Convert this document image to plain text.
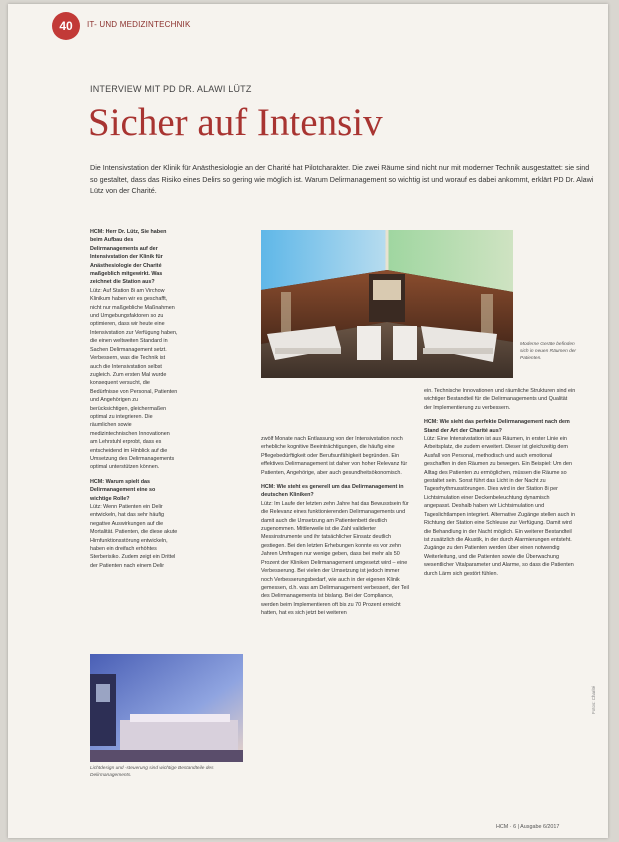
40	IT- UND MEDIZINTECHNIK
INTERVIEW MIT PD DR. ALAWI LÜTZ
Sicher auf Intensiv

Die Intensivstation der Klinik für Anästhesiologie an der Charité hat Pilotcharakter. Die zwei Räume sind nicht nur mit moderner Technik ausgestattet: sie sind so gestaltet, dass das Risiko eines Delirs so gering wie möglich ist. Warum Delirmanagement so wichtig ist und worauf es dabei ankommt, erklärt PD Dr. Alawi Lütz von der Charité.

HCM: Herr Dr. Lütz, Sie haben beim Aufbau des Delirmanagements auf der Intensivstation der Klinik für Anästhesiologie der Charité maßgeblich mitgewirkt. Was zeichnet die Station aus?

Lütz: Auf Station 8i am Virchow Klinikum haben wir es geschafft, nicht nur maßgebliche Maßnahmen und Umgebungsfaktoren so zu optimieren, dass wir heute eine Intensivstation zur Verfügung haben, die einen weltweiten Standard in Sachen Delirmanagement setzt. Verbessern, was die Technik ist auch die Intensivstation selbst zugleich. Zum ersten Mal wurde konsequent versucht, die Bedürfnisse von Personal, Patienten und Angehörigen zu berücksichtigen, gleichermaßen optimal zu integrieren. Die räumlichen sowie medizintechnischen Innovationen am Lehrstuhl erprobt, dass es entscheidend im Hinblick auf die Umsetzung des Delirmanagements optimal unterstützen können.

HCM: Warum spielt das Delirmanagement eine so wichtige Rolle?

Lütz: Wenn Patienten ein Delir entwickeln, hat das sehr häufig negative Auswirkungen auf die Mortalität. Patienten, die diese akute Hirnfunktionsstörung entwickeln, haben ein dreifach erhöhtes Sterberisiko. Zudem zeigt ein Drittel der Patienten nach einem Delir

Moderne Geräte befinden sich in neuen Räumen der Patienten.

zwölf Monate nach Entlassung von der Intensivstation noch erhebliche kognitive Beeinträchtigungen, die häufig eine Pflegebedürftigkeit oder Berufsunfähigkeit begründen. Ein effektives Delirmanagement ist daher von hoher Relevanz für Patienten, Angehörige, aber auch gesundheitsökonomisch.

HCM: Wie steht es generell um das Delirmanagement in deutschen Kliniken?

Lütz: Im Laufe der letzten zehn Jahre hat das Bewusstsein für die Relevanz eines funktionierenden Delirmanagements und damit auch die Umsetzung am Patientenbett deutlich zugenommen. Mittlerweile ist die Zahl validierter Messinstrumente und ihr tatsächlicher Einsatz deutlich gestiegen. Bei den letzten Erhebungen konnte es vor zehn Jahren Umfragen nur wenige geben, dass bei mehr als 50 Prozent der Kliniken Delirmanagement umgesetzt wird – eine Verbesserung. Bei vielen der Umsetzung ist jedoch immer noch Verbesserungsbedarf, wie auch in der eigenen Klinik gemessen, d.h. was am Delirmanagement verbessert, der Teil des Delirmanagements ist bislang. Bei der Compliance, werden beim Implementieren oft bis zu 70 Prozent erreicht hatten, hat es sich jetzt bei weiteren

ein. Technische Innovationen und räumliche Strukturen sind ein wichtiger Bestandteil für die Delirmanagements und Qualität der Implementierung zu verbessern.

HCM: Wie sieht das perfekte Delirmanagement nach dem Stand der Art der Charité aus?

Lütz: Eine Intensivstation ist aus Räumen, in erster Linie ein Arbeitsplatz, die zudem erweitert. Dieser ist gleichzeitig dem Ausfall von Personal, methodisch und auch emotional geschaffen in den Räumen zu bewegen. Ein Beispiel: Um den Alltag des Patienten zu ermöglichen, müssen die Räume so gestaltet sein. Sonst führt das Licht in der Nacht zu Tagesrhythmusstörungen. Dies wird in der Station 8i per Lichtsimulation einer Deckenbeleuchtung dynamisch angepasst. Deshalb haben wir Lichtsimulation und Tageslichtlampen integriert. Alternative Zugänge stellen auch in Richtung der Station eine Schleuse zur Verfügung. Damit wird die Behandlung in der Nacht möglich. Ein weiterer Bestandteil ist zusätzlich die Akustik, in der durch Alarmierungen entsteht. Zugänge zu den Patienten werden über einen notwendig Weiterleitung, und die Patienten sowie die Überwachung wesentlicher Vitalparameter und Alarme, so dass die Patienten durch Lärm sich gestört fühlen.

Lichtdesign und -steuerung sind wichtige Bestandteile des Delirmanagements.
Fotos: Charité
HCM · 6 | Ausgabe 6/2017
